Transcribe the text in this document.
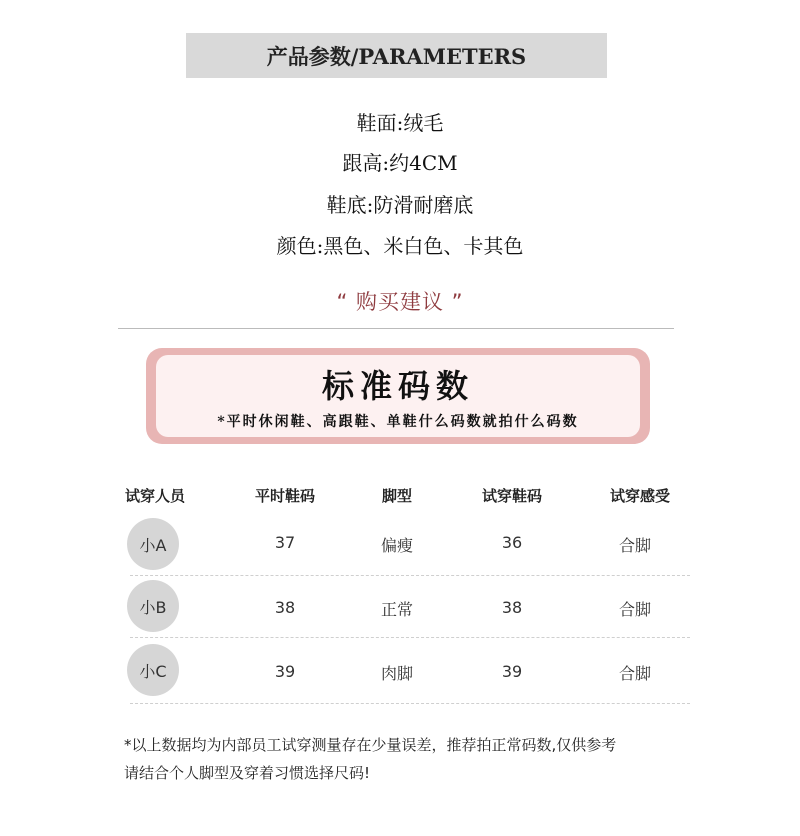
产品参数/PARAMETERS
鞋面:绒毛
跟高:约4CM
鞋底:防滑耐磨底
颜色:黑色、米白色、卡其色
“ 购买建议 ”
标准码数
*平时休闲鞋、高跟鞋、单鞋什么码数就拍什么码数
试穿人员	平时鞋码	脚型	试穿鞋码	试穿感受
小A	37	偏瘦	36	合脚
小B	38	正常	38	合脚
小C	39	肉脚	39	合脚
*以上数据均为内部员工试穿测量存在少量误差，推荐拍正常码数,仅供参考
请结合个人脚型及穿着习惯选择尺码!
